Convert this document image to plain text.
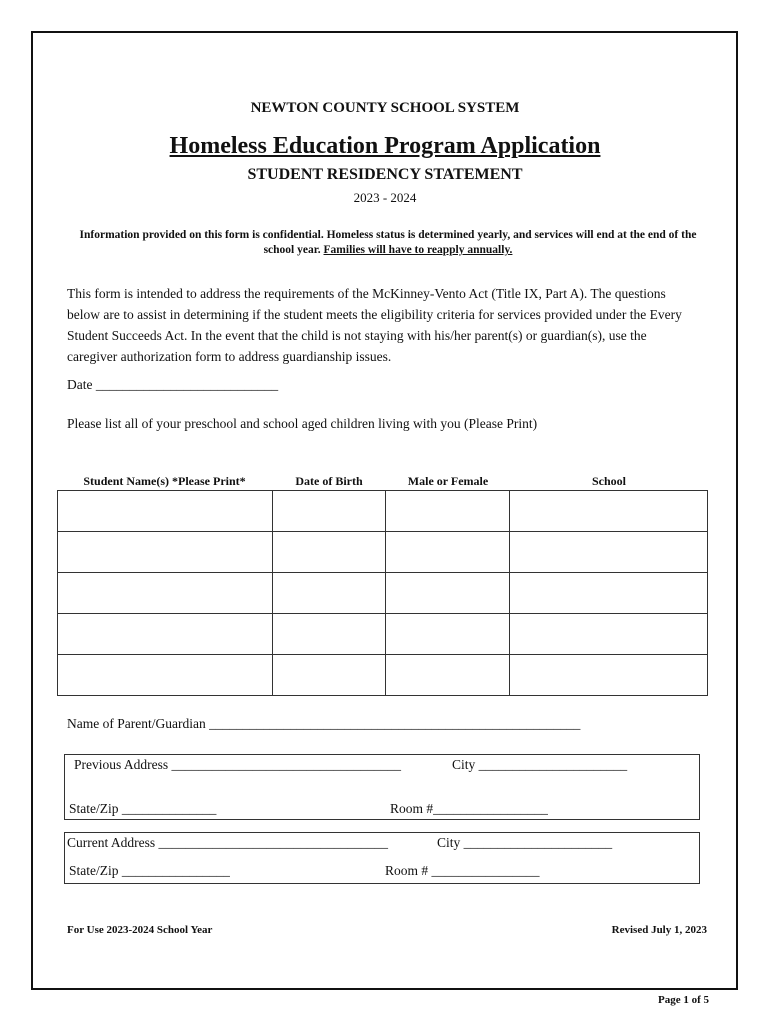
NEWTON COUNTY SCHOOL SYSTEM
Homeless Education Program Application
STUDENT RESIDENCY STATEMENT
2023 - 2024
Information provided on this form is confidential. Homeless status is determined yearly, and services will end at the end of the school year. Families will have to reapply annually.
This form is intended to address the requirements of the McKinney-Vento Act (Title IX, Part A). The questions below are to assist in determining if the student meets the eligibility criteria for services provided under the Every Student Succeeds Act. In the event that the child is not staying with his/her parent(s) or guardian(s), use the caregiver authorization form to address guardianship issues.
Date ___________________________
Please list all of your preschool and school aged children living with you (Please Print)
Student Name(s) *Please Print*	Date of Birth	Male or Female	School

Name of Parent/Guardian _______________________________________________________
Previous Address __________________________________	City ______________________
State/Zip ______________	Room #_________________
Current Address __________________________________	City ______________________
State/Zip ________________	Room # ________________
For Use 2023-2024 School Year	Revised July 1, 2023
Page 1 of 5
